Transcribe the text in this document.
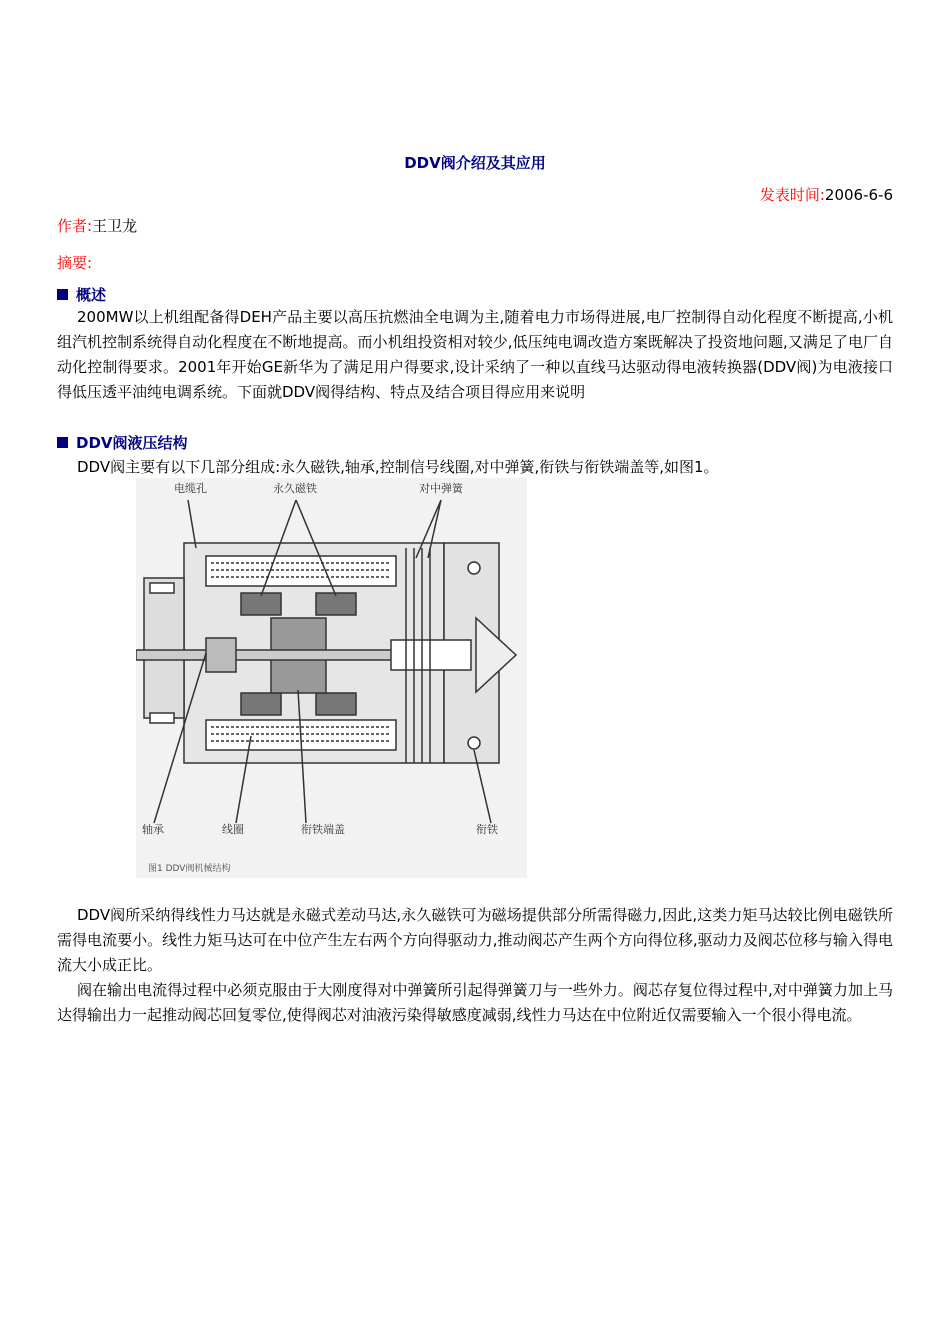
DDV阀介绍及其应用
发表时间:2006-6-6
作者:王卫龙
摘要:
概述
200MW以上机组配备得DEH产品主要以高压抗燃油全电调为主,随着电力市场得进展,电厂控制得自动化程度不断提高,小机组汽机控制系统得自动化程度在不断地提高。而小机组投资相对较少,低压纯电调改造方案既解决了投资地问题,又满足了电厂自动化控制得要求。2001年开始GE新华为了满足用户得要求,设计采纳了一种以直线马达驱动得电液转换器(DDV阀)为电液接口得低压透平油纯电调系统。下面就DDV阀得结构、特点及结合项目得应用来说明
DDV阀液压结构
DDV阀主要有以下几部分组成:永久磁铁,轴承,控制信号线圈,对中弹簧,衔铁与衔铁端盖等,如图1。
电缆孔	永久磁铁	对中弹簧
轴承	线圈	衔铁端盖	衔铁
图1 DDV阀机械结构
DDV阀所采纳得线性力马达就是永磁式差动马达,永久磁铁可为磁场提供部分所需得磁力,因此,这类力矩马达较比例电磁铁所需得电流要小。线性力矩马达可在中位产生左右两个方向得驱动力,推动阀芯产生两个方向得位移,驱动力及阀芯位移与输入得电流大小成正比。
阀在输出电流得过程中必须克服由于大刚度得对中弹簧所引起得弹簧刀与一些外力。阀芯存复位得过程中,对中弹簧力加上马达得输出力一起推动阀芯回复零位,使得阀芯对油液污染得敏感度减弱,线性力马达在中位附近仅需要输入一个很小得电流。
